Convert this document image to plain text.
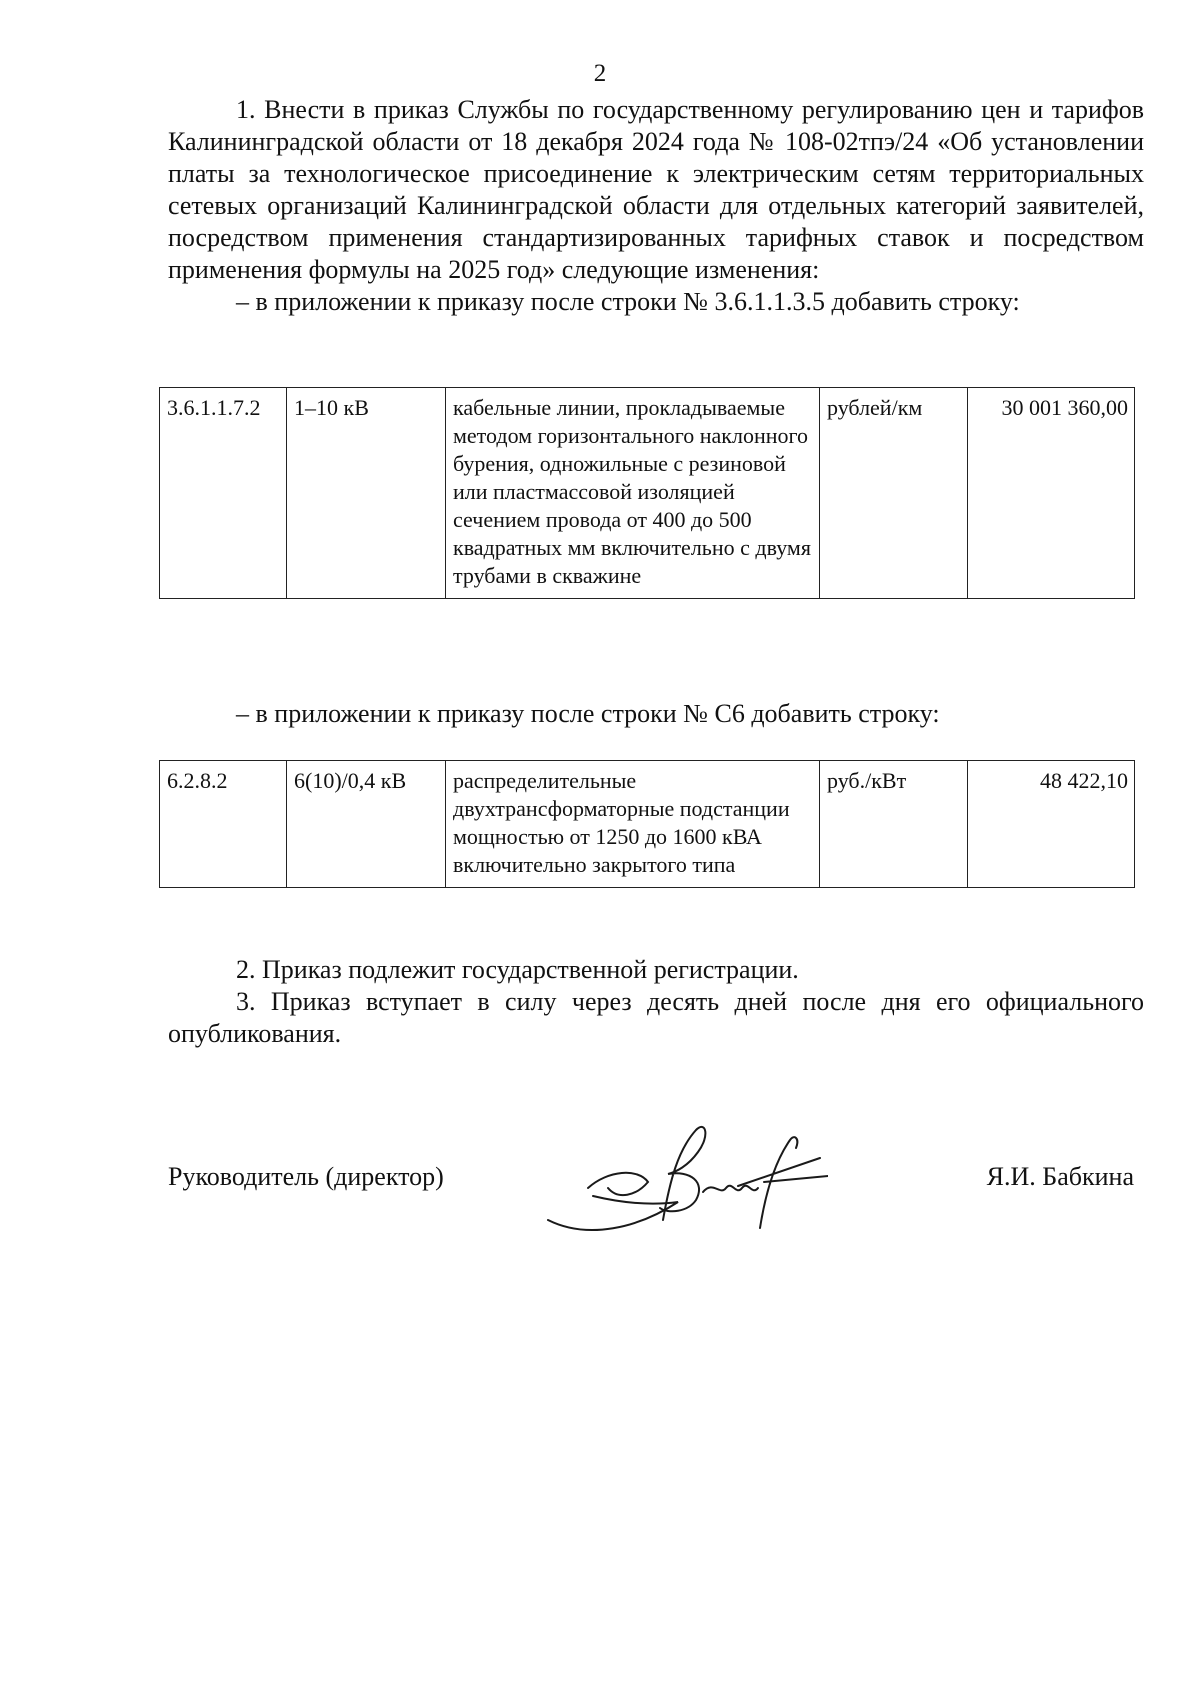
2

1. Внести в приказ Службы по государственному регулированию цен и тарифов Калининградской области от 18 декабря 2024 года № 108-02тпэ/24 «Об установлении платы за технологическое присоединение к электрическим сетям территориальных сетевых организаций Калининградской области для отдельных категорий заявителей, посредством применения стандартизированных тарифных ставок и посредством применения формулы на 2025 год» следующие изменения:

– в приложении к приказу после строки № 3.6.1.1.3.5 добавить строку:

3.6.1.1.7.2	1–10 кВ	кабельные линии, прокладываемые методом горизонтального наклонного бурения, одножильные с резиновой или пластмассовой изоляцией сечением провода от 400 до 500 квадратных мм включительно с двумя трубами в скважине	рублей/км	30 001 360,00

– в приложении к приказу после строки № С6 добавить строку:

6.2.8.2	6(10)/0,4 кВ	распределительные двухтрансформаторные подстанции мощностью от 1250 до 1600 кВА включительно закрытого типа	руб./кВт	48 422,10

2. Приказ подлежит государственной регистрации.

3. Приказ вступает в силу через десять дней после дня его официального опубликования.

Руководитель (директор)	Я.И. Бабкина
